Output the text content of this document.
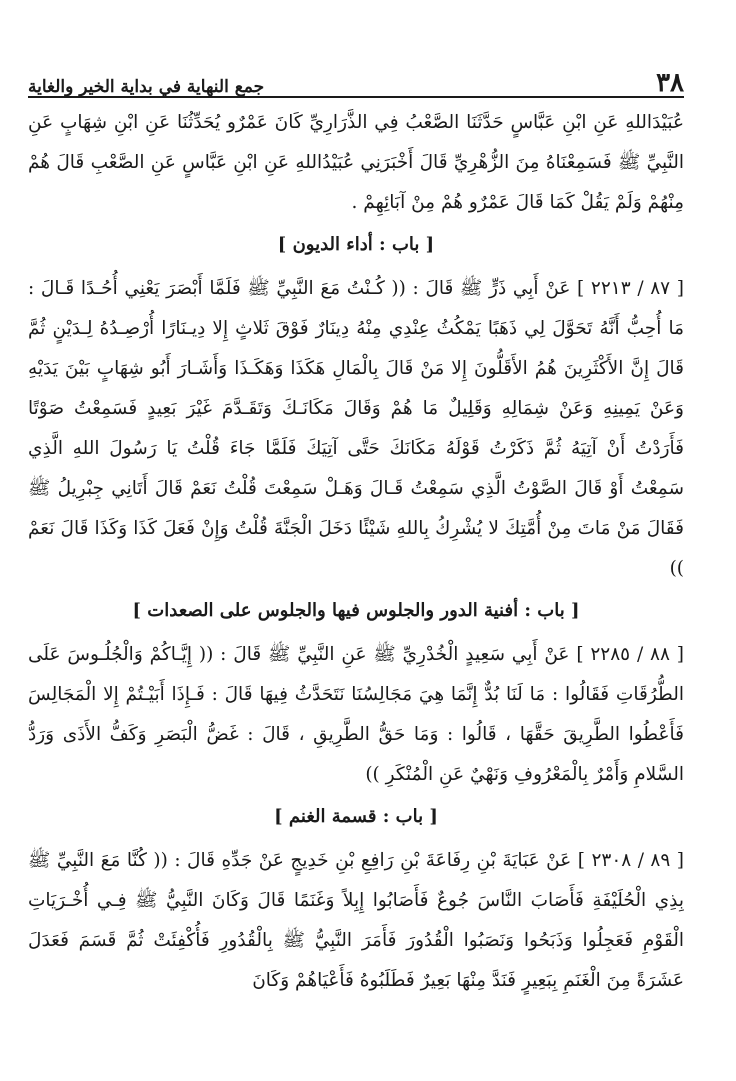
٣٨
جمع النهاية في بداية الخير والغاية

عُبَيْدَاللهِ عَنِ ابْنِ عَبَّاسٍ حَدَّثَنَا الصَّعْبُ فِي الذَّرَارِيِّ كَانَ عَمْرٌو يُحَدِّثُنَا عَنِ ابْنِ شِهَابٍ عَنِ النَّبِيِّ ﷺ فَسَمِعْنَاهُ مِنَ الزُّهْرِيِّ قَالَ أَخْبَرَنِي عُبَيْدُاللهِ عَنِ ابْنِ عَبَّاسٍ عَنِ الصَّعْبِ قَالَ هُمْ مِنْهُمْ وَلَمْ يَقُلْ كَمَا قَالَ عَمْرٌو هُمْ مِنْ آبَائِهِمْ .

[ باب : أداء الديون ]

[ ٨٧ / ٢٢١٣ ] عَنْ أَبِي ذَرٍّ ﷺ قَالَ : (( كُـنْتُ مَعَ النَّبِيِّ ﷺ فَلَمَّا أَبْصَرَ يَعْنِي أُحُـدًا قَـالَ : مَا أُحِبُّ أَنَّهُ تَحَوَّلَ لِي ذَهَبًا يَمْكُثُ عِنْدِي مِنْهُ دِينَارٌ فَوْقَ ثَلاثٍ إِلا دِيـنَارًا أُرْصِـدُهُ لِـدَيْنٍ ثُمَّ قَالَ إِنَّ الأَكْثَرِينَ هُمُ الأَقَلُّونَ إِلا مَنْ قَالَ بِالْمَالِ هَكَذَا وَهَكَـذَا وَأَشَـارَ أَبُو شِهَابٍ بَيْنَ يَدَيْهِ وَعَنْ يَمِينِهِ وَعَنْ شِمَالِهِ وَقَلِيلٌ مَا هُمْ وَقَالَ مَكَانَـكَ وَتَقَـدَّمَ غَيْرَ بَعِيدٍ فَسَمِعْتُ صَوْتًا فَأَرَدْتُ أَنْ آتِيَهُ ثُمَّ ذَكَرْتُ قَوْلَهُ مَكَانَكَ حَتَّى آتِيَكَ فَلَمَّا جَاءَ قُلْتُ يَا رَسُولَ اللهِ الَّذِي سَمِعْتُ أَوْ قَالَ الصَّوْتُ الَّذِي سَمِعْتُ قَـالَ وَهَـلْ سَمِعْتَ قُلْتُ نَعَمْ قَالَ أَتَانِي جِبْرِيلُ ﷺ فَقَالَ مَنْ مَاتَ مِنْ أُمَّتِكَ لا يُشْرِكُ بِاللهِ شَيْئًا دَخَلَ الْجَنَّةَ قُلْتُ وَإِنْ فَعَلَ كَذَا وَكَذَا قَالَ نَعَمْ ))

[ باب : أفنية الدور والجلوس فيها والجلوس على الصعدات ]

[ ٨٨ / ٢٢٨٥ ] عَنْ أَبِي سَعِيدٍ الْخُدْرِيِّ ﷺ عَنِ النَّبِيِّ ﷺ قَالَ : (( إِيَّـاكُمْ وَالْجُلُـوسَ عَلَى الطُّرُقَاتِ فَقَالُوا : مَا لَنَا بُدٌّ إِنَّمَا هِيَ مَجَالِسُنَا نَتَحَدَّثُ فِيهَا قَالَ : فَـإِذَا أَبَيْـتُمْ إِلا الْمَجَالِسَ فَأَعْطُوا الطَّرِيقَ حَقَّهَا ، قَالُوا : وَمَا حَقُّ الطَّرِيقِ ، قَالَ : غَضُّ الْبَصَرِ وَكَفُّ الأَذَى وَرَدُّ السَّلامِ وَأَمْرٌ بِالْمَعْرُوفِ وَنَهْيٌ عَنِ الْمُنْكَرِ ))

[ باب : قسمة الغنم ]

[ ٨٩ / ٢٣٠٨ ] عَنْ عَبَايَةَ بْنِ رِفَاعَةَ بْنِ رَافِعِ بْنِ خَدِيجٍ عَنْ جَدِّهِ قَالَ : (( كُنَّا مَعَ النَّبِيِّ ﷺ بِذِي الْحُلَيْفَةِ فَأَصَابَ النَّاسَ جُوعٌ فَأَصَابُوا إِبِلاً وَغَنَمًا قَالَ وَكَانَ النَّبِيُّ ﷺ فِـي أُخْـرَيَاتِ الْقَوْمِ فَعَجِلُوا وَذَبَحُوا وَنَصَبُوا الْقُدُورَ فَأَمَرَ النَّبِيُّ ﷺ بِالْقُدُورِ فَأُكْفِئَتْ ثُمَّ قَسَمَ فَعَدَلَ عَشَرَةً مِنَ الْغَنَمِ بِبَعِيرٍ فَنَدَّ مِنْهَا بَعِيرٌ فَطَلَبُوهُ فَأَعْيَاهُمْ وَكَانَ
